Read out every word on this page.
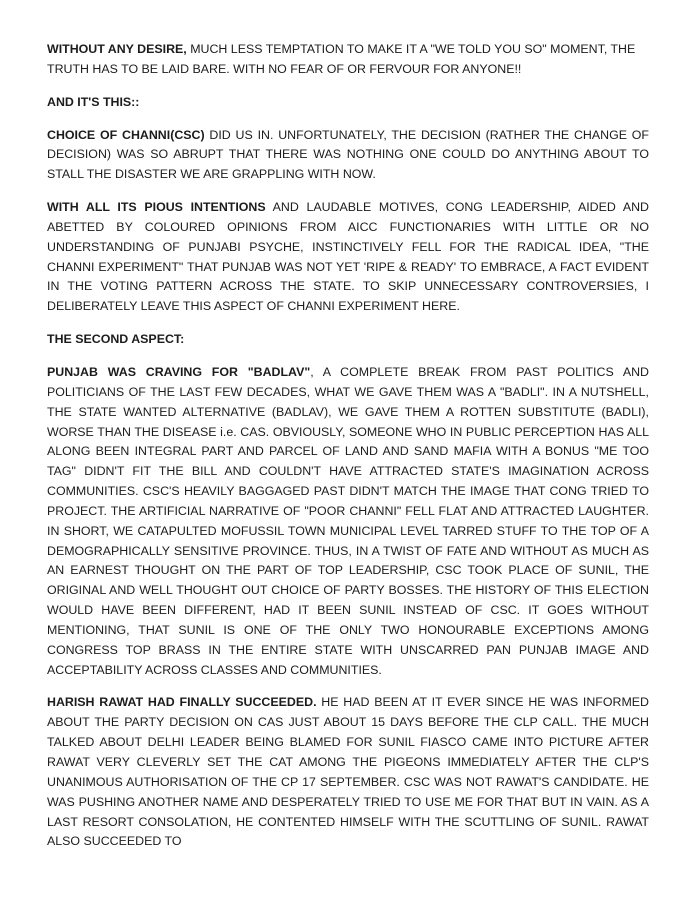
WITHOUT ANY DESIRE, MUCH LESS TEMPTATION TO MAKE IT A "WE TOLD YOU SO" MOMENT, THE TRUTH HAS TO BE LAID BARE. WITH NO FEAR OF OR FERVOUR FOR ANYONE!!

AND IT'S THIS::

CHOICE OF CHANNI(CSC) DID US IN. UNFORTUNATELY, THE DECISION (RATHER THE CHANGE OF DECISION) WAS SO ABRUPT THAT THERE WAS NOTHING ONE COULD DO ANYTHING ABOUT TO STALL THE DISASTER WE ARE GRAPPLING WITH NOW.

WITH ALL ITS PIOUS INTENTIONS AND LAUDABLE MOTIVES, CONG LEADERSHIP, AIDED AND ABETTED BY COLOURED OPINIONS FROM AICC FUNCTIONARIES WITH LITTLE OR NO UNDERSTANDING OF PUNJABI PSYCHE, INSTINCTIVELY FELL FOR THE RADICAL IDEA, "THE CHANNI EXPERIMENT" THAT PUNJAB WAS NOT YET 'RIPE & READY' TO EMBRACE, A FACT EVIDENT IN THE VOTING PATTERN ACROSS THE STATE. TO SKIP UNNECESSARY CONTROVERSIES, I DELIBERATELY LEAVE THIS ASPECT OF CHANNI EXPERIMENT HERE.

THE SECOND ASPECT:

PUNJAB WAS CRAVING FOR "BADLAV", A COMPLETE BREAK FROM PAST POLITICS AND POLITICIANS OF THE LAST FEW DECADES, WHAT WE GAVE THEM WAS A "BADLI". IN A NUTSHELL, THE STATE WANTED ALTERNATIVE (BADLAV), WE GAVE THEM A ROTTEN SUBSTITUTE (BADLI), WORSE THAN THE DISEASE i.e. CAS. OBVIOUSLY, SOMEONE WHO IN PUBLIC PERCEPTION HAS ALL ALONG BEEN INTEGRAL PART AND PARCEL OF LAND AND SAND MAFIA WITH A BONUS "ME TOO TAG" DIDN'T FIT THE BILL AND COULDN'T HAVE ATTRACTED STATE'S IMAGINATION ACROSS COMMUNITIES. CSC'S HEAVILY BAGGAGED PAST DIDN'T MATCH THE IMAGE THAT CONG TRIED TO PROJECT. THE ARTIFICIAL NARRATIVE OF "POOR CHANNI" FELL FLAT AND ATTRACTED LAUGHTER. IN SHORT, WE CATAPULTED MOFUSSIL TOWN MUNICIPAL LEVEL TARRED STUFF TO THE TOP OF A DEMOGRAPHICALLY SENSITIVE PROVINCE. THUS, IN A TWIST OF FATE AND WITHOUT AS MUCH AS AN EARNEST THOUGHT ON THE PART OF TOP LEADERSHIP, CSC TOOK PLACE OF SUNIL, THE ORIGINAL AND WELL THOUGHT OUT CHOICE OF PARTY BOSSES. THE HISTORY OF THIS ELECTION WOULD HAVE BEEN DIFFERENT, HAD IT BEEN SUNIL INSTEAD OF CSC. IT GOES WITHOUT MENTIONING, THAT SUNIL IS ONE OF THE ONLY TWO HONOURABLE EXCEPTIONS AMONG CONGRESS TOP BRASS IN THE ENTIRE STATE WITH UNSCARRED PAN PUNJAB IMAGE AND ACCEPTABILITY ACROSS CLASSES AND COMMUNITIES.

HARISH RAWAT HAD FINALLY SUCCEEDED. HE HAD BEEN AT IT EVER SINCE HE WAS INFORMED ABOUT THE PARTY DECISION ON CAS JUST ABOUT 15 DAYS BEFORE THE CLP CALL. THE MUCH TALKED ABOUT DELHI LEADER BEING BLAMED FOR SUNIL FIASCO CAME INTO PICTURE AFTER RAWAT VERY CLEVERLY SET THE CAT AMONG THE PIGEONS IMMEDIATELY AFTER THE CLP'S UNANIMOUS AUTHORISATION OF THE CP 17 SEPTEMBER. CSC WAS NOT RAWAT'S CANDIDATE. HE WAS PUSHING ANOTHER NAME AND DESPERATELY TRIED TO USE ME FOR THAT BUT IN VAIN. AS A LAST RESORT CONSOLATION, HE CONTENTED HIMSELF WITH THE SCUTTLING OF SUNIL. RAWAT ALSO SUCCEEDED TO
